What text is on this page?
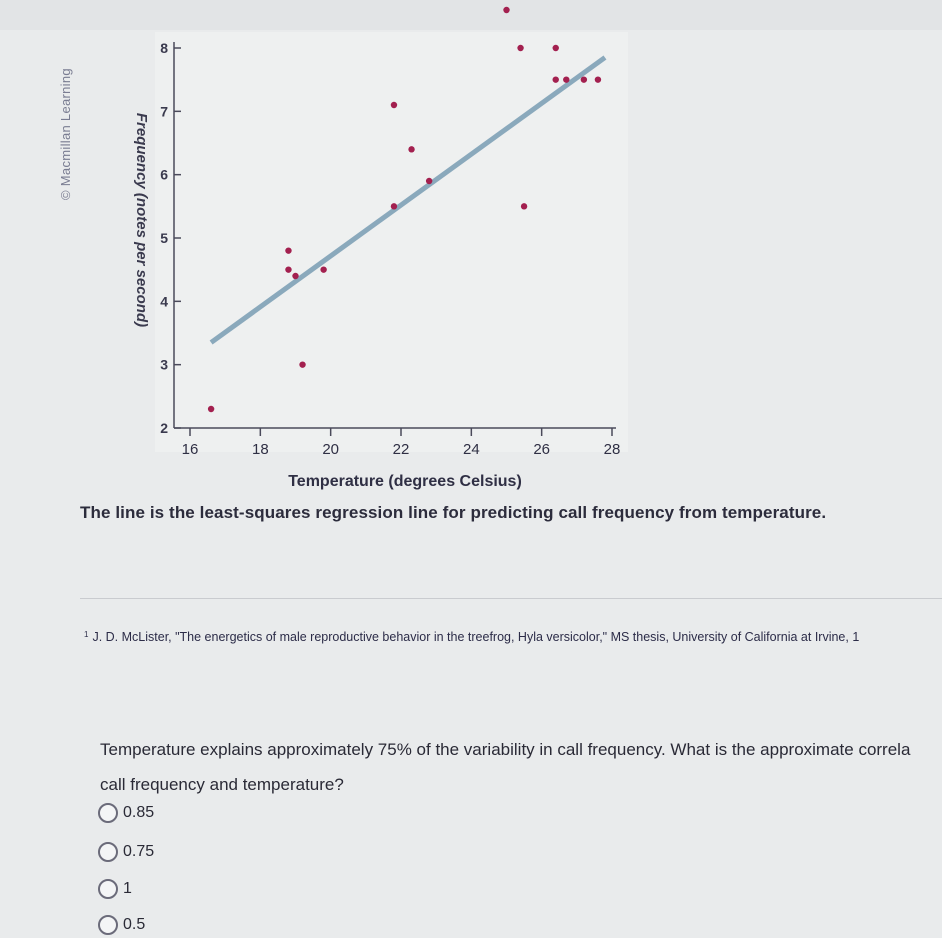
© Macmillan Learning
2
3
4
5
6
7
8
16	18	20	22	24	26	28
Frequency (notes per second)
Temperature (degrees Celsius)
The line is the least-squares regression line for predicting call frequency from temperature.
$^1$ J. D. McLister, "The energetics of male reproductive behavior in the treefrog, Hyla versicolor," MS thesis, University of California at Irvine, 1
Temperature explains approximately 75% of the variability in call frequency. What is the approximate correla
call frequency and temperature?
0.85
0.75
1
0.5
